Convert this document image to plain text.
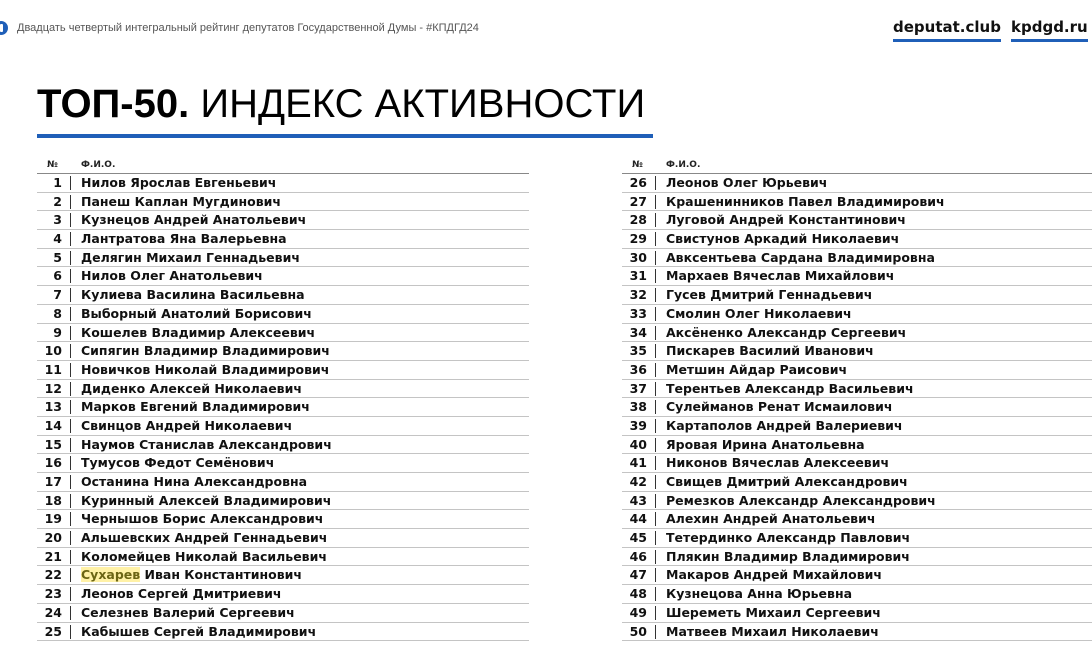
Двадцать четвертый интегральный рейтинг депутатов Государственной Думы - #КПДГД24	deputat.club kpdgd.ru
ТОП-50. ИНДЕКС АКТИВНОСТИ
№	Ф.И.О.
1 Нилов Ярослав Евгеньевич
2 Панеш Каплан Мугдинович
3 Кузнецов Андрей Анатольевич
4 Лантратова Яна Валерьевна
5 Делягин Михаил Геннадьевич
6 Нилов Олег Анатольевич
7 Кулиева Василина Васильевна
8 Выборный Анатолий Борисович
9 Кошелев Владимир Алексеевич
10 Сипягин Владимир Владимирович
11 Новичков Николай Владимирович
12 Диденко Алексей Николаевич
13 Марков Евгений Владимирович
14 Свинцов Андрей Николаевич
15 Наумов Станислав Александрович
16 Тумусов Федот Семёнович
17 Останина Нина Александровна
18 Куринный Алексей Владимирович
19 Чернышов Борис Александрович
20 Альшевских Андрей Геннадьевич
21 Коломейцев Николай Васильевич
22 Сухарев Иван Константинович
23 Леонов Сергей Дмитриевич
24 Селезнев Валерий Сергеевич
25 Кабышев Сергей Владимирович
№	Ф.И.О.
26 Леонов Олег Юрьевич
27 Крашенинников Павел Владимирович
28 Луговой Андрей Константинович
29 Свистунов Аркадий Николаевич
30 Авксентьева Сардана Владимировна
31 Мархаев Вячеслав Михайлович
32 Гусев Дмитрий Геннадьевич
33 Смолин Олег Николаевич
34 Аксёненко Александр Сергеевич
35 Пискарев Василий Иванович
36 Метшин Айдар Раисович
37 Терентьев Александр Васильевич
38 Сулейманов Ренат Исмаилович
39 Картаполов Андрей Валериевич
40 Яровая Ирина Анатольевна
41 Никонов Вячеслав Алексеевич
42 Свищев Дмитрий Александрович
43 Ремезков Александр Александрович
44 Алехин Андрей Анатольевич
45 Тетердинко Александр Павлович
46 Плякин Владимир Владимирович
47 Макаров Андрей Михайлович
48 Кузнецова Анна Юрьевна
49 Шереметь Михаил Сергеевич
50 Матвеев Михаил Николаевич
